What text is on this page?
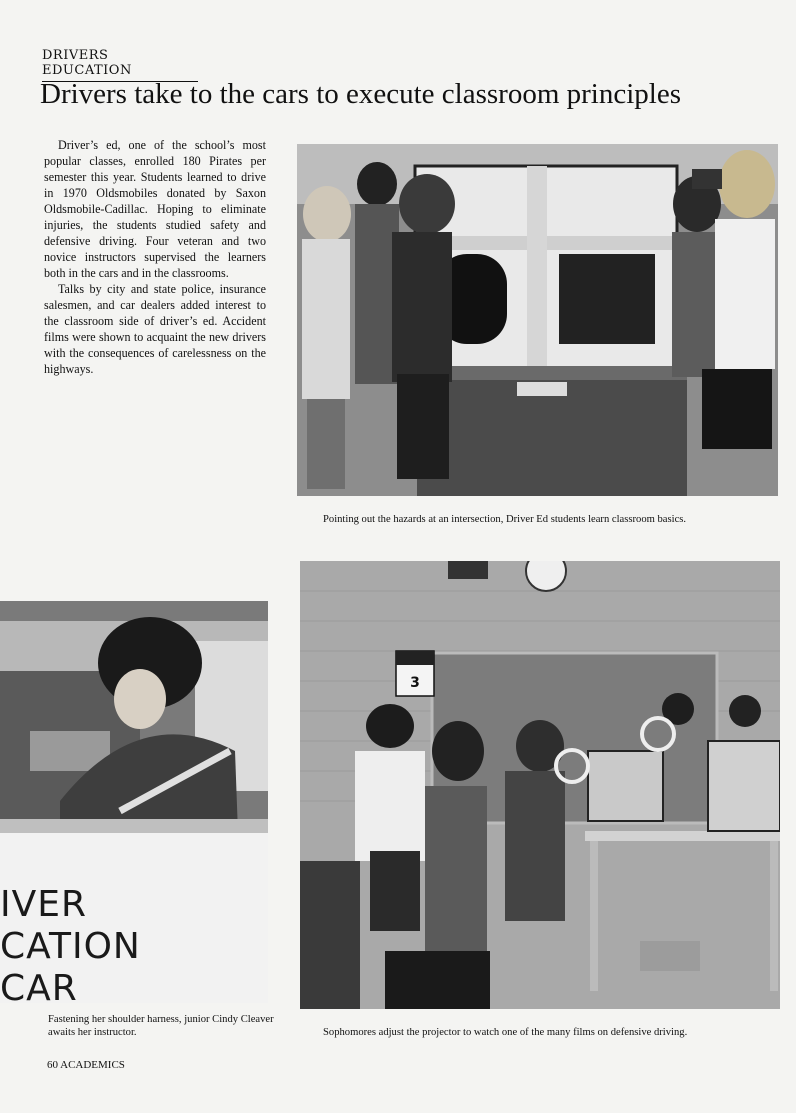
DRIVERS EDUCATION
Drivers take to the cars to execute classroom principles

Driver’s ed, one of the school’s most popular classes, enrolled 180 Pirates per semester this year. Students learned to drive in 1970 Oldsmobiles donated by Saxon Oldsmobile-Cadillac. Hoping to eliminate injuries, the students studied safety and defensive driving. Four veteran and two novice instructors supervised the learners both in the cars and in the classrooms.

Talks by city and state police, insurance salesmen, and car dealers added interest to the classroom side of driver’s ed. Accident films were shown to acquaint the new drivers with the consequences of carelessness on the highways.

Pointing out the hazards at an intersection, Driver Ed students learn classroom basics.
IVER
CATION
CAR
Fastening her shoulder harness, junior Cindy Cleaver awaits her instructor.
3
Sophomores adjust the projector to watch one of the many films on defensive driving.
60 ACADEMICS
